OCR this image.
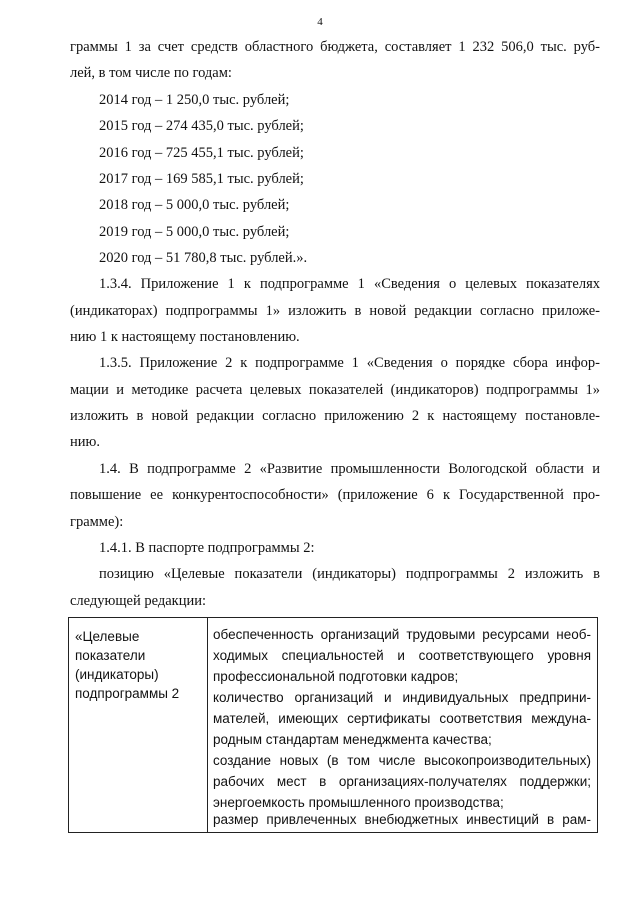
4
граммы 1 за счет средств областного бюджета, составляет 1 232 506,0 тыс. руб-
лей, в том числе по годам:
2014 год – 1 250,0 тыс. рублей;
2015 год – 274 435,0 тыс. рублей;
2016 год – 725 455,1 тыс. рублей;
2017 год – 169 585,1 тыс. рублей;
2018 год – 5 000,0 тыс. рублей;
2019 год – 5 000,0 тыс. рублей;
2020 год – 51 780,8 тыс. рублей.».
1.3.4. Приложение 1 к подпрограмме 1 «Сведения о целевых показателях
(индикаторах) подпрограммы 1» изложить в новой редакции согласно приложе-
нию 1 к настоящему постановлению.
1.3.5. Приложение 2 к подпрограмме 1 «Сведения о порядке сбора инфор-
мации и методике расчета целевых показателей (индикаторов) подпрограммы 1»
изложить в новой редакции согласно приложению 2 к настоящему постановле-
нию.
1.4. В подпрограмме 2 «Развитие промышленности Вологодской области и
повышение ее конкурентоспособности» (приложение 6 к Государственной про-
грамме):
1.4.1. В паспорте подпрограммы 2:
позицию «Целевые показатели (индикаторы) подпрограммы 2 изложить в
следующей редакции:
«Целевые
показатели
(индикаторы)
подпрограммы 2
обеспеченность организаций трудовыми ресурсами необ-
ходимых специальностей и соответствующего уровня
профессиональной подготовки кадров;
количество организаций и индивидуальных предприни-
мателей, имеющих сертификаты соответствия междуна-
родным стандартам менеджмента качества;
создание новых (в том числе высокопроизводительных)
рабочих мест в организациях-получателях поддержки;
энергоемкость промышленного производства;
размер привлеченных внебюджетных инвестиций в рам-
